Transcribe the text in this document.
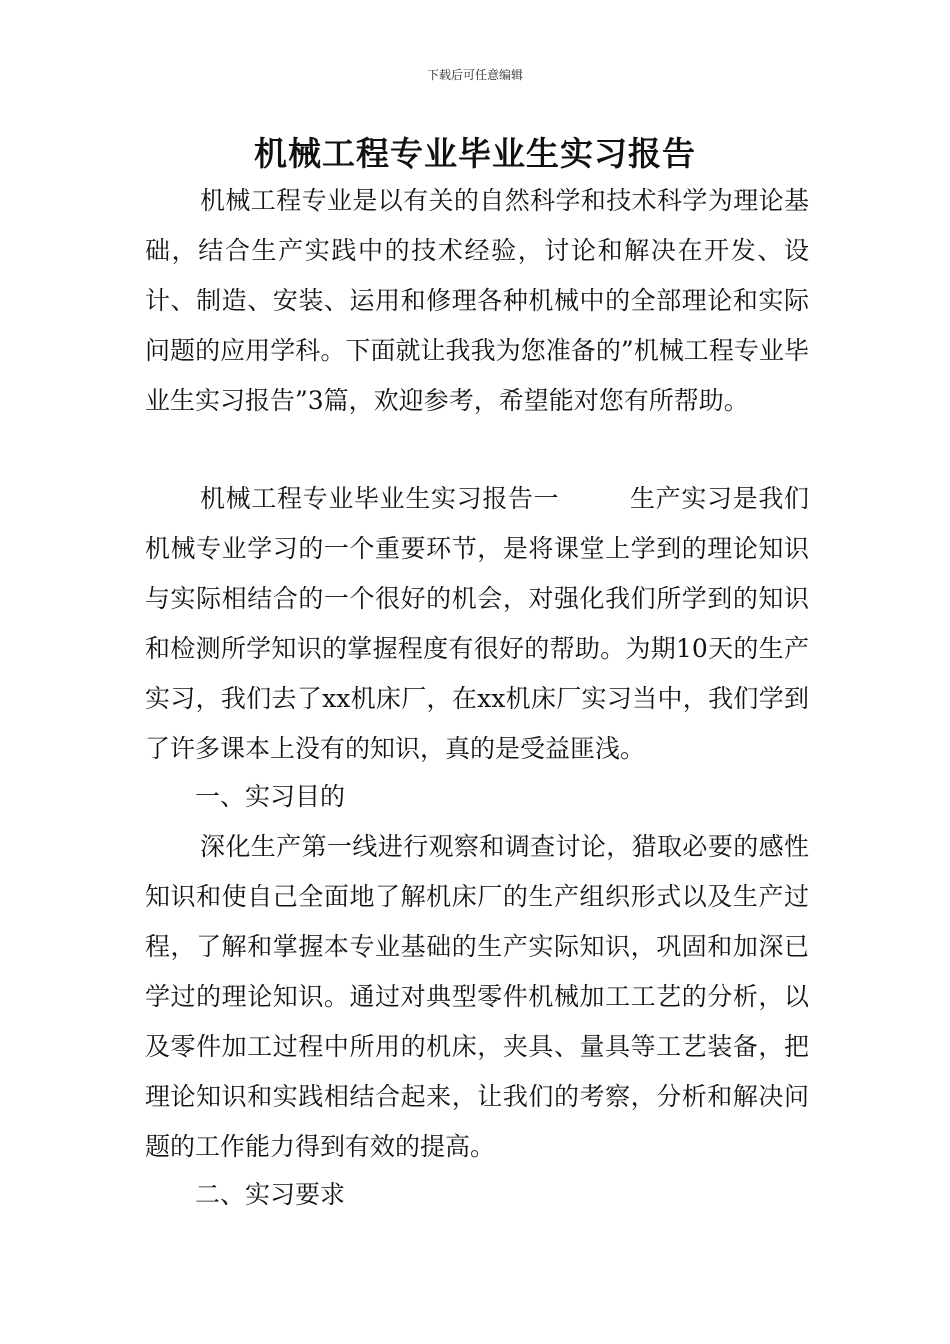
下载后可任意编辑
机械工程专业毕业生实习报告

机械工程专业是以有关的自然科学和技术科学为理论基础，结合生产实践中的技术经验，讨论和解决在开发、设计、制造、安装、运用和修理各种机械中的全部理论和实际问题的应用学科。下面就让我我为您准备的”机械工程专业毕业生实习报告”3篇，欢迎参考，希望能对您有所帮助。

机械工程专业毕业生实习报告一	生产实习是我们机械专业学习的一个重要环节，是将课堂上学到的理论知识与实际相结合的一个很好的机会，对强化我们所学到的知识和检测所学知识的掌握程度有很好的帮助。为期10天的生产实习，我们去了xx机床厂，在xx机床厂实习当中，我们学到了许多课本上没有的知识，真的是受益匪浅。

一、实习目的

深化生产第一线进行观察和调查讨论，猎取必要的感性知识和使自己全面地了解机床厂的生产组织形式以及生产过程，了解和掌握本专业基础的生产实际知识，巩固和加深已学过的理论知识。通过对典型零件机械加工工艺的分析，以及零件加工过程中所用的机床，夹具、量具等工艺装备，把理论知识和实践相结合起来，让我们的考察，分析和解决问题的工作能力得到有效的提高。

二、实习要求
